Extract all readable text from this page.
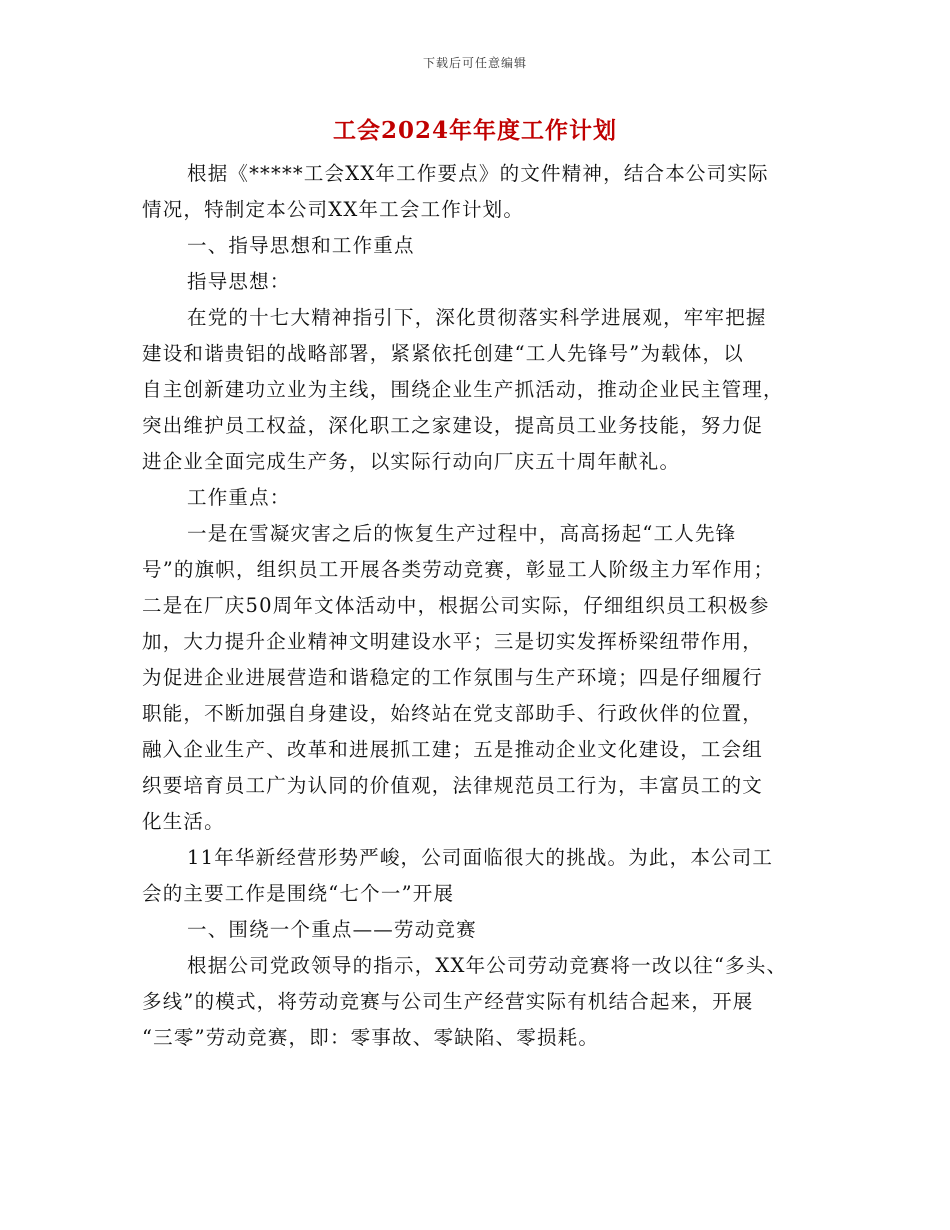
下载后可任意编辑
工会2024年年度工作计划
根据《*****工会XX年工作要点》的文件精神，结合本公司实际
情况，特制定本公司XX年工会工作计划。
一、指导思想和工作重点
指导思想：
在党的十七大精神指引下，深化贯彻落实科学进展观，牢牢把握
建设和谐贵铝的战略部署，紧紧依托创建“工人先锋号”为载体，以
自主创新建功立业为主线，围绕企业生产抓活动，推动企业民主管理，
突出维护员工权益，深化职工之家建设，提高员工业务技能，努力促
进企业全面完成生产务，以实际行动向厂庆五十周年献礼。
工作重点：
一是在雪凝灾害之后的恢复生产过程中，高高扬起“工人先锋
号”的旗帜，组织员工开展各类劳动竞赛，彰显工人阶级主力军作用；
二是在厂庆50周年文体活动中，根据公司实际，仔细组织员工积极参
加，大力提升企业精神文明建设水平；三是切实发挥桥梁纽带作用，
为促进企业进展营造和谐稳定的工作氛围与生产环境；四是仔细履行
职能，不断加强自身建设，始终站在党支部助手、行政伙伴的位置，
融入企业生产、改革和进展抓工建；五是推动企业文化建设，工会组
织要培育员工广为认同的价值观，法律规范员工行为，丰富员工的文
化生活。
11年华新经营形势严峻，公司面临很大的挑战。为此，本公司工
会的主要工作是围绕“七个一”开展
一、围绕一个重点——劳动竞赛
根据公司党政领导的指示，XX年公司劳动竞赛将一改以往“多头、
多线”的模式，将劳动竞赛与公司生产经营实际有机结合起来，开展
“三零”劳动竞赛，即：零事故、零缺陷、零损耗。
